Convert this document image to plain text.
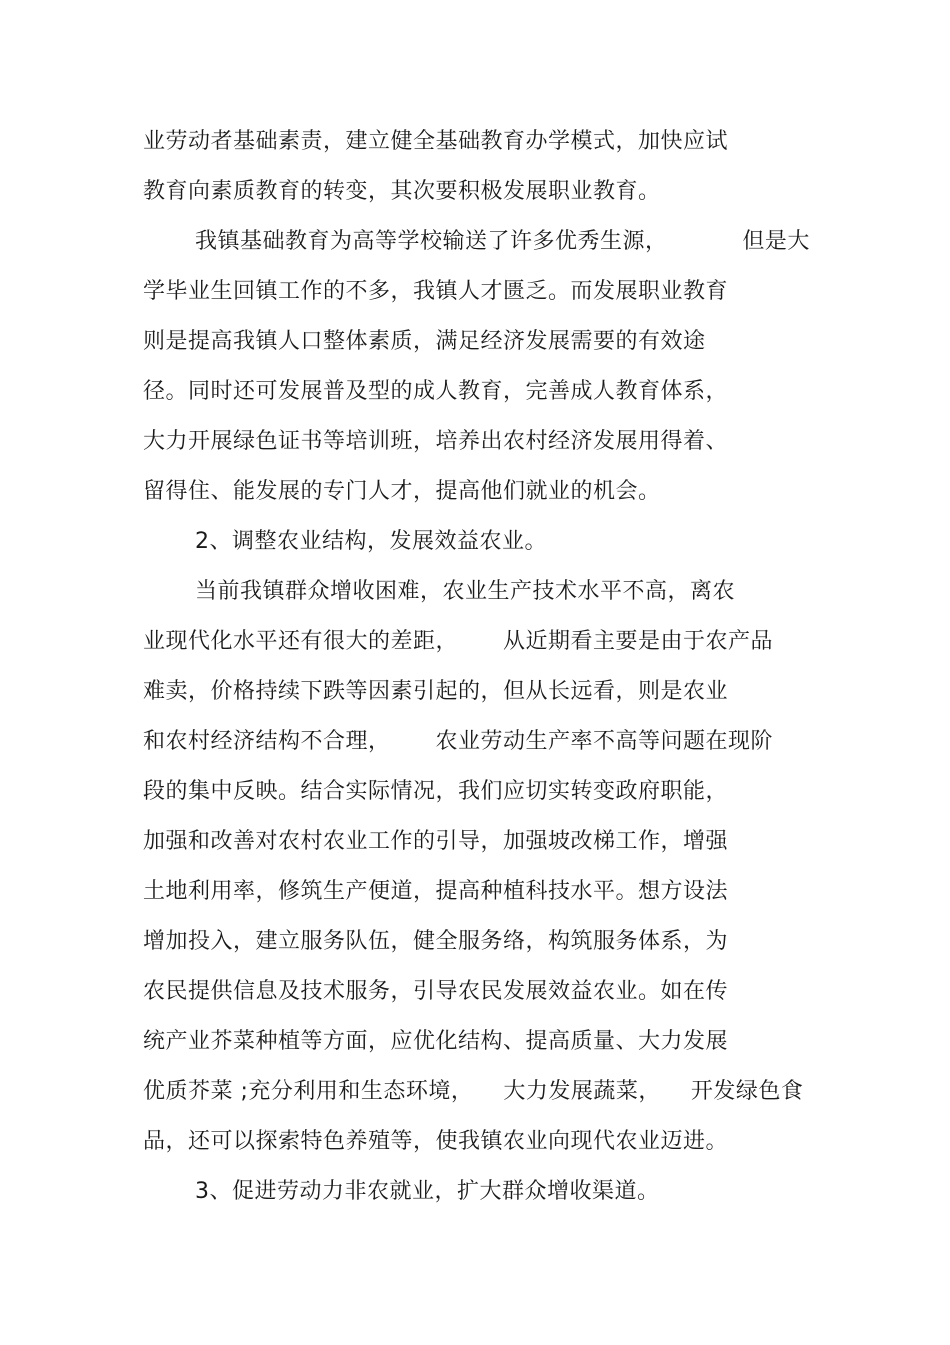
业劳动者基础素责，建立健全基础教育办学模式，加快应试
教育向素质教育的转变，其次要积极发展职业教育。
我镇基础教育为高等学校输送了许多优秀生源，          但是大
学毕业生回镇工作的不多，我镇人才匮乏。而发展职业教育
则是提高我镇人口整体素质，满足经济发展需要的有效途
径。同时还可发展普及型的成人教育，完善成人教育体系，
大力开展绿色证书等培训班，培养出农村经济发展用得着、
留得住、能发展的专门人才，提高他们就业的机会。
2、调整农业结构，发展效益农业。
当前我镇群众增收困难，农业生产技术水平不高，离农
业现代化水平还有很大的差距，      从近期看主要是由于农产品
难卖，价格持续下跌等因素引起的，但从长远看，则是农业
和农村经济结构不合理，      农业劳动生产率不高等问题在现阶
段的集中反映。结合实际情况，我们应切实转变政府职能，
加强和改善对农村农业工作的引导，加强坡改梯工作，增强
土地利用率，修筑生产便道，提高种植科技水平。想方设法
增加投入，建立服务队伍，健全服务络，构筑服务体系，为
农民提供信息及技术服务，引导农民发展效益农业。如在传
统产业芥菜种植等方面，应优化结构、提高质量、大力发展
优质芥菜 ;充分利用和生态环境，    大力发展蔬菜，    开发绿色食
品，还可以探索特色养殖等，使我镇农业向现代农业迈进。
3、促进劳动力非农就业，扩大群众增收渠道。
